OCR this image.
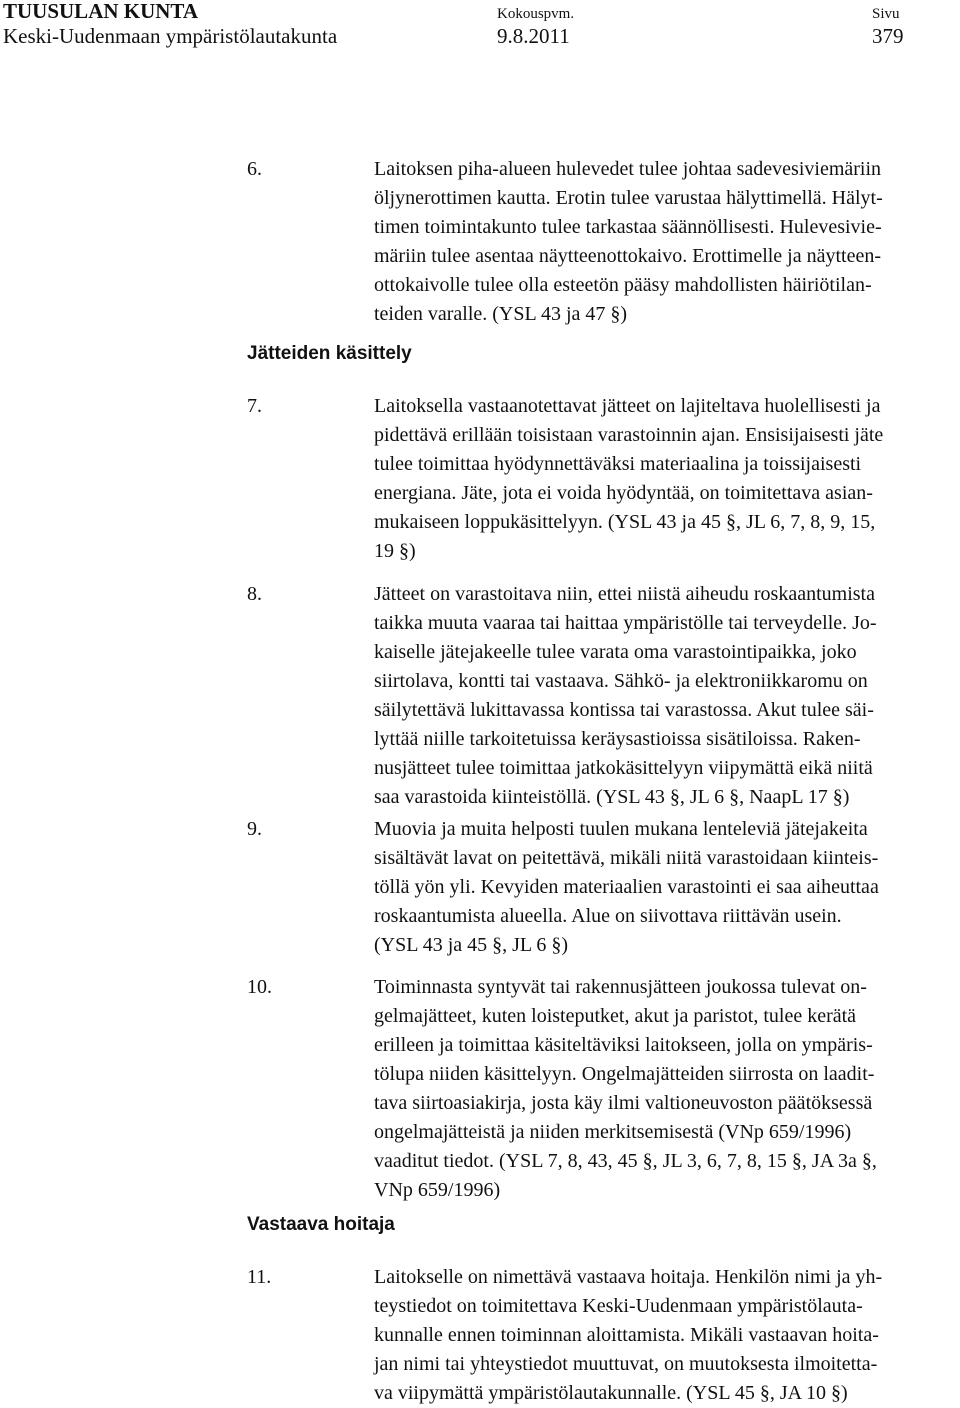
TUUSULAN KUNTA
Keski-Uudenmaan ympäristölautakunta
Kokouspvm.
9.8.2011
Sivu
379
6.	Laitoksen piha-alueen hulevedet tulee johtaa sadevesiviemäriin
öljynerottimen kautta. Erotin tulee varustaa hälyttimellä. Hälyt-
timen toimintakunto tulee tarkastaa säännöllisesti. Hulevesivie-
märiin tulee asentaa näytteenottokaivo. Erottimelle ja näytteen-
ottokaivolle tulee olla esteetön pääsy mahdollisten häiriötilan-
teiden varalle. (YSL 43 ja 47 §)
Jätteiden käsittely
7.	Laitoksella vastaanotettavat jätteet on lajiteltava huolellisesti ja
pidettävä erillään toisistaan varastoinnin ajan. Ensisijaisesti jäte
tulee toimittaa hyödynnettäväksi materiaalina ja toissijaisesti
energiana. Jäte, jota ei voida hyödyntää, on toimitettava asian-
mukaiseen loppukäsittelyyn. (YSL 43 ja 45 §, JL 6, 7, 8, 9, 15,
19 §)
8.	Jätteet on varastoitava niin, ettei niistä aiheudu roskaantumista
taikka muuta vaaraa tai haittaa ympäristölle tai terveydelle. Jo-
kaiselle jätejakeelle tulee varata oma varastointipaikka, joko
siirtolava, kontti tai vastaava. Sähkö- ja elektroniikkaromu on
säilytettävä lukittavassa kontissa tai varastossa. Akut tulee säi-
lyttää niille tarkoitetuissa keräysastioissa sisätiloissa. Raken-
nusjätteet tulee toimittaa jatkokäsittelyyn viipymättä eikä niitä
saa varastoida kiinteistöllä. (YSL 43 §, JL 6 §, NaapL 17 §)
9.	Muovia ja muita helposti tuulen mukana lenteleviä jätejakeita
sisältävät lavat on peitettävä, mikäli niitä varastoidaan kiinteis-
töllä yön yli. Kevyiden materiaalien varastointi ei saa aiheuttaa
roskaantumista alueella. Alue on siivottava riittävän usein.
(YSL 43 ja 45 §, JL 6 §)
10.	Toiminnasta syntyvät tai rakennusjätteen joukossa tulevat on-
gelmajätteet, kuten loisteputket, akut ja paristot, tulee kerätä
erilleen ja toimittaa käsiteltäviksi laitokseen, jolla on ympäris-
tölupa niiden käsittelyyn. Ongelmajätteiden siirrosta on laadit-
tava siirtoasiakirja, josta käy ilmi valtioneuvoston päätöksessä
ongelmajätteistä ja niiden merkitsemisestä (VNp 659/1996)
vaaditut tiedot. (YSL 7, 8, 43, 45 §, JL 3, 6, 7, 8, 15 §, JA 3a §,
VNp 659/1996)
Vastaava hoitaja
11.	Laitokselle on nimettävä vastaava hoitaja. Henkilön nimi ja yh-
teystiedot on toimitettava Keski-Uudenmaan ympäristölauta-
kunnalle ennen toiminnan aloittamista. Mikäli vastaavan hoita-
jan nimi tai yhteystiedot muuttuvat, on muutoksesta ilmoitetta-
va viipymättä ympäristölautakunnalle. (YSL 45 §, JA 10 §)
